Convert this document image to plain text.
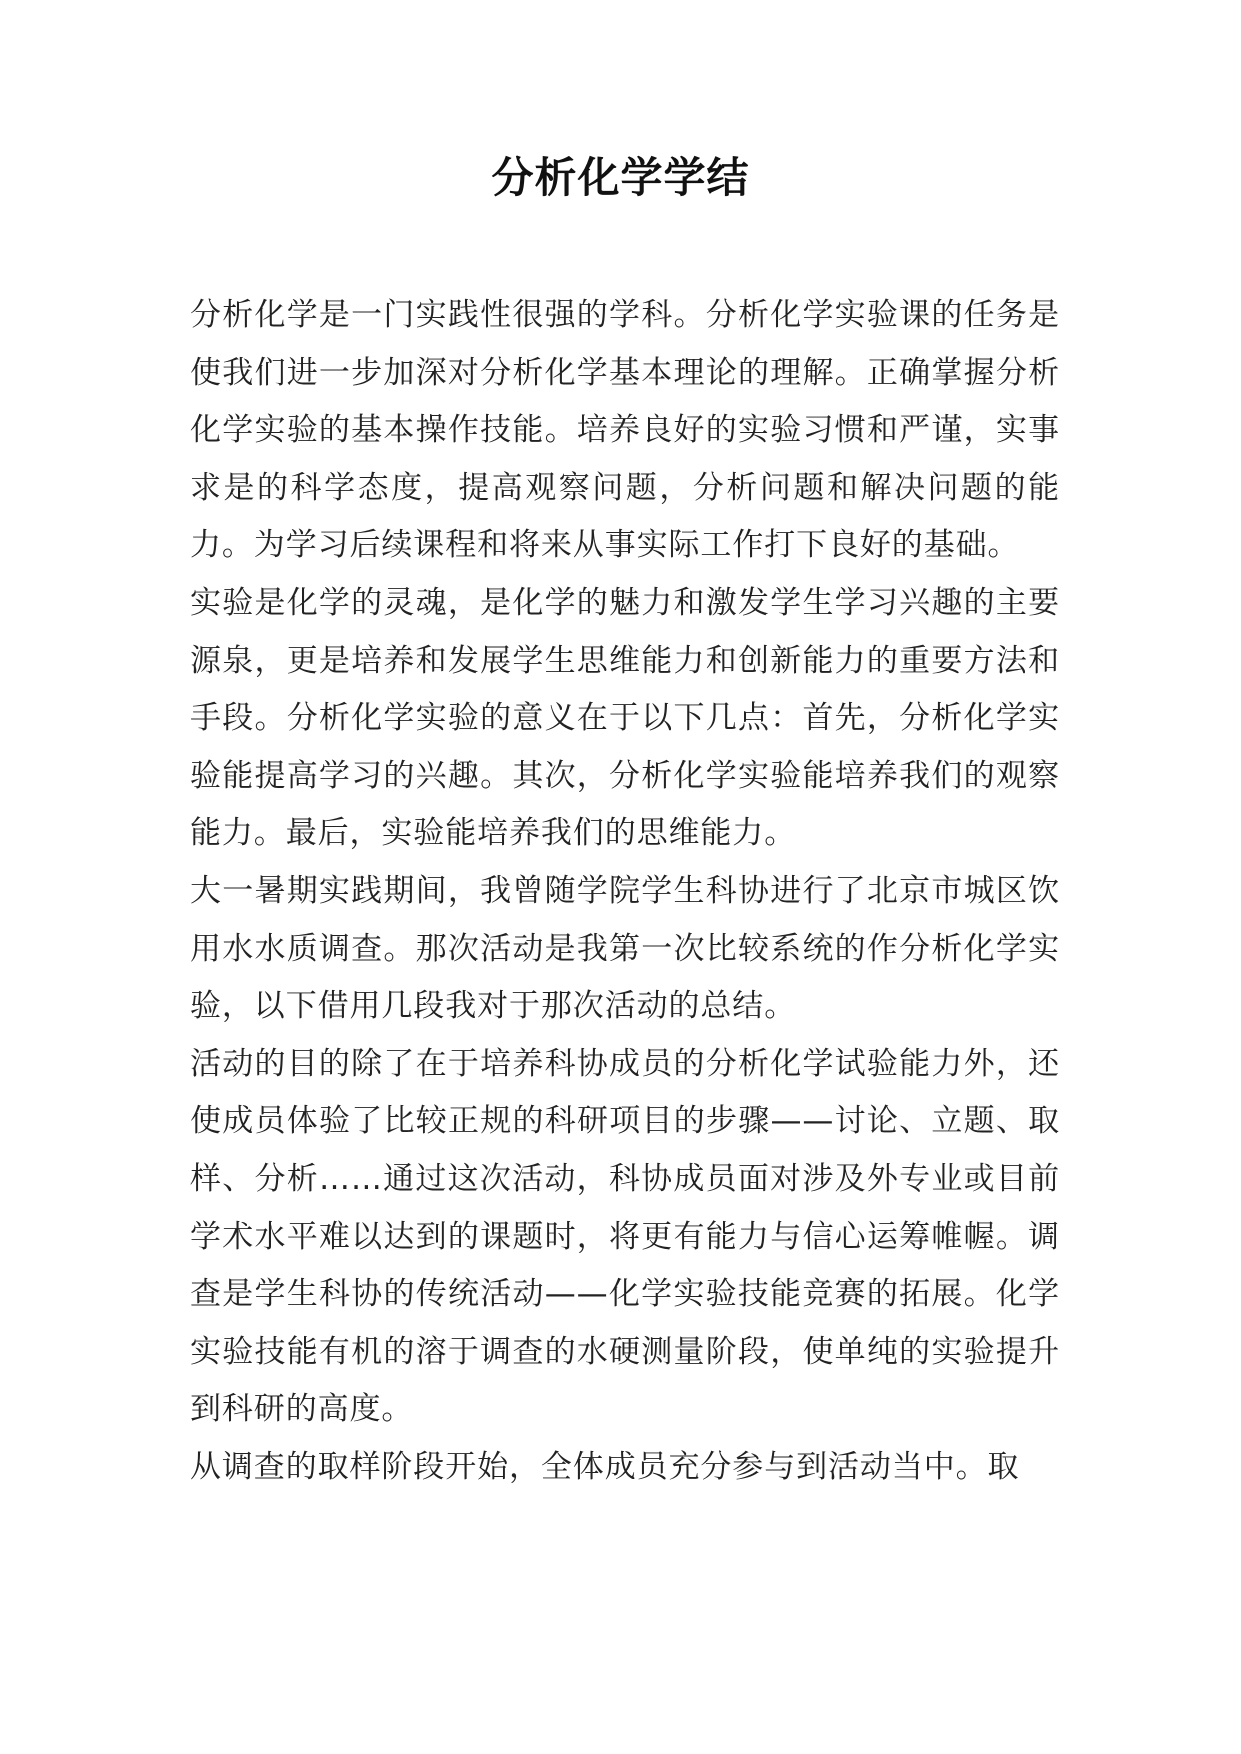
分析化学学结

分析化学是一门实践性很强的学科。分析化学实验课的任务是使我们进一步加深对分析化学基本理论的理解。正确掌握分析化学实验的基本操作技能。培养良好的实验习惯和严谨，实事求是的科学态度，提高观察问题，分析问题和解决问题的能力。为学习后续课程和将来从事实际工作打下良好的基础。

实验是化学的灵魂，是化学的魅力和激发学生学习兴趣的主要源泉，更是培养和发展学生思维能力和创新能力的重要方法和手段。分析化学实验的意义在于以下几点：首先，分析化学实验能提高学习的兴趣。其次，分析化学实验能培养我们的观察能力。最后，实验能培养我们的思维能力。

大一暑期实践期间，我曾随学院学生科协进行了北京市城区饮用水水质调查。那次活动是我第一次比较系统的作分析化学实验，以下借用几段我对于那次活动的总结。

活动的目的除了在于培养科协成员的分析化学试验能力外，还使成员体验了比较正规的科研项目的步骤——讨论、立题、取样、分析……通过这次活动，科协成员面对涉及外专业或目前学术水平难以达到的课题时，将更有能力与信心运筹帷幄。调查是学生科协的传统活动——化学实验技能竞赛的拓展。化学实验技能有机的溶于调查的水硬测量阶段，使单纯的实验提升到科研的高度。

从调查的取样阶段开始，全体成员充分参与到活动当中。取
